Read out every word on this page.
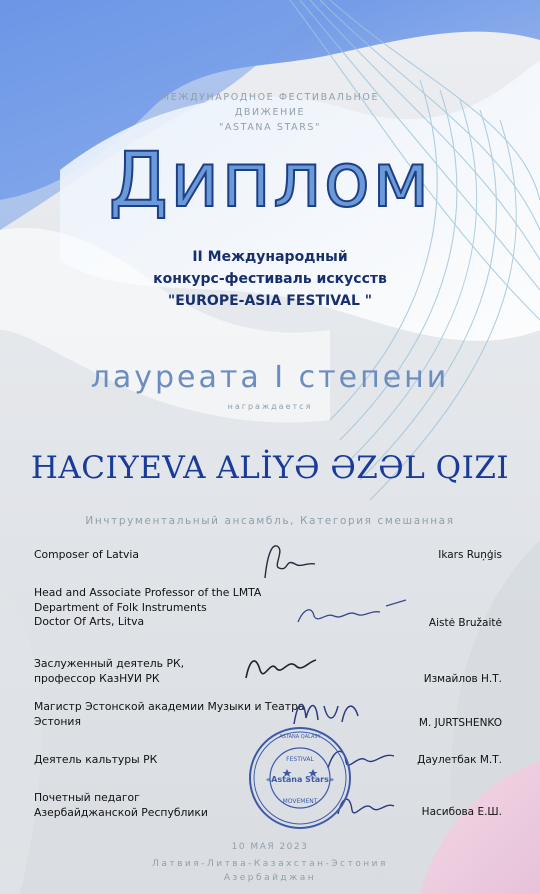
МЕЖДУНАРОДНОЕ ФЕСТИВАЛЬНОЕ
ДВИЖЕНИЕ
"ASTANA STARS"
Диплом
II Международный
конкурс-фестиваль искусств
"EUROPE-ASIA FESTIVAL "
лауреата I степени
награждается
HACIYEVA ALİYƏ ƏZƏL QIZI
Инчтрументальный ансамбль, Категория смешанная
Composer of Latvia	Ikars Ruņģis
Head and Associate Professor of the LMTA
Department of Folk Instruments
Doctor Of Arts, Litva	Aistė Bružaitė
Заслуженный деятель РК,
профессор КазНУИ РК	Измайлов Н.Т.
Магистр Эстонской академии Музыки и Театра
Эстония	M. JURTSHENKO
Деятель кальтуры РК	Даулетбак М.Т.
Почетный педагог
Азербайджанской Республики	Насибова Е.Ш.
«Astana Stars»
FESTIVAL
MOVEMENT
ASTANA QALASY
10 МАЯ 2023
Латвия-Литва-Казахстан-Эстония
Азербайджан
